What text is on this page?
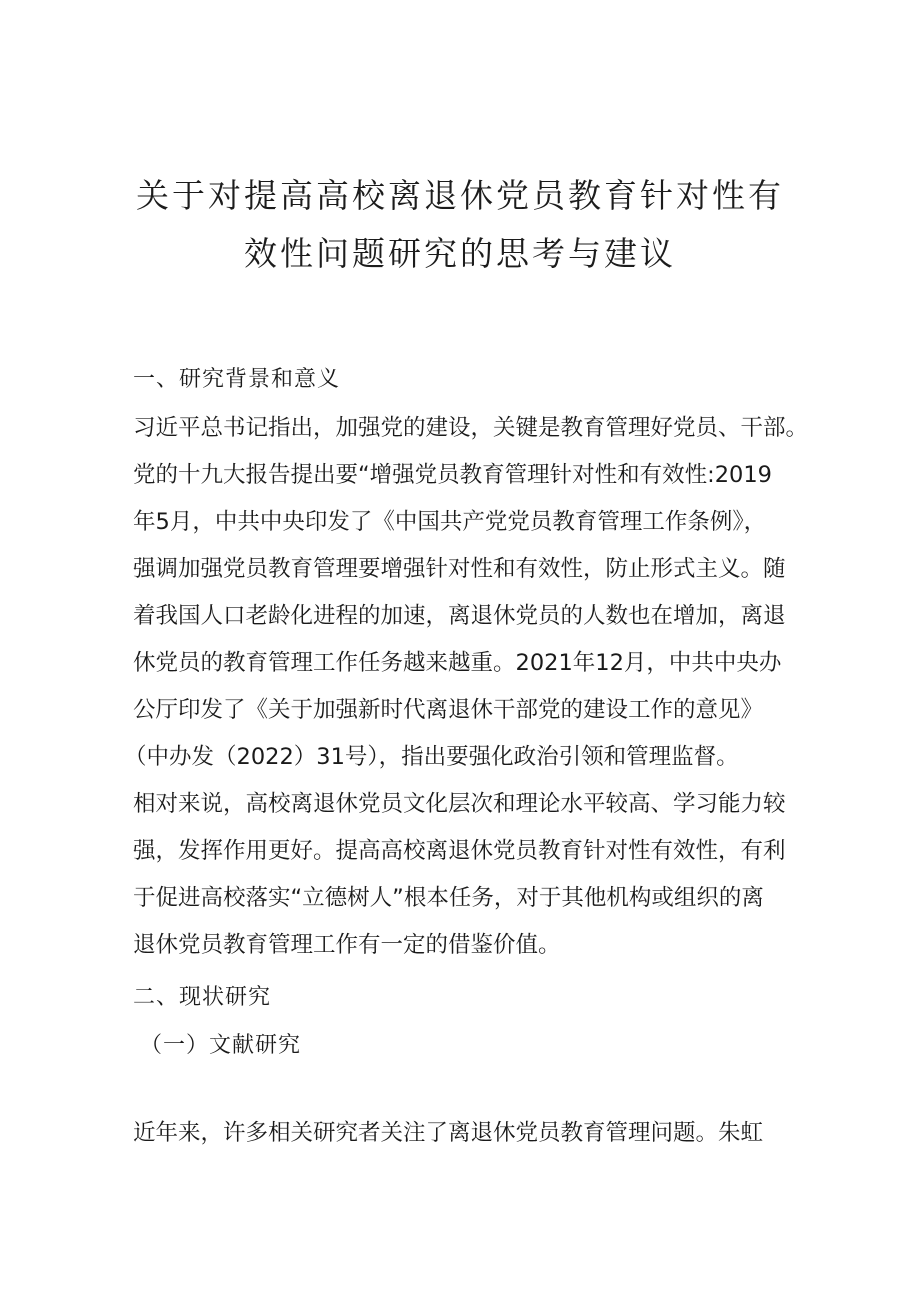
关于对提高高校离退休党员教育针对性有
效性问题研究的思考与建议
一、研究背景和意义
习近平总书记指出，加强党的建设，关键是教育管理好党员、干部。
党的十九大报告提出要“增强党员教育管理针对性和有效性:2019
年5月，中共中央印发了《中国共产党党员教育管理工作条例》，
强调加强党员教育管理要增强针对性和有效性，防止形式主义。随
着我国人口老龄化进程的加速，离退休党员的人数也在增加，离退
休党员的教育管理工作任务越来越重。2021年12月，中共中央办
公厅印发了《关于加强新时代离退休干部党的建设工作的意见》
（中办发（2022）31号），指出要强化政治引领和管理监督。
相对来说，高校离退休党员文化层次和理论水平较高、学习能力较
强，发挥作用更好。提高高校离退休党员教育针对性有效性，有利
于促进高校落实“立德树人”根本任务，对于其他机构或组织的离
退休党员教育管理工作有一定的借鉴价值。
二、现状研究
（一）文献研究
近年来，许多相关研究者关注了离退休党员教育管理问题。朱虹
